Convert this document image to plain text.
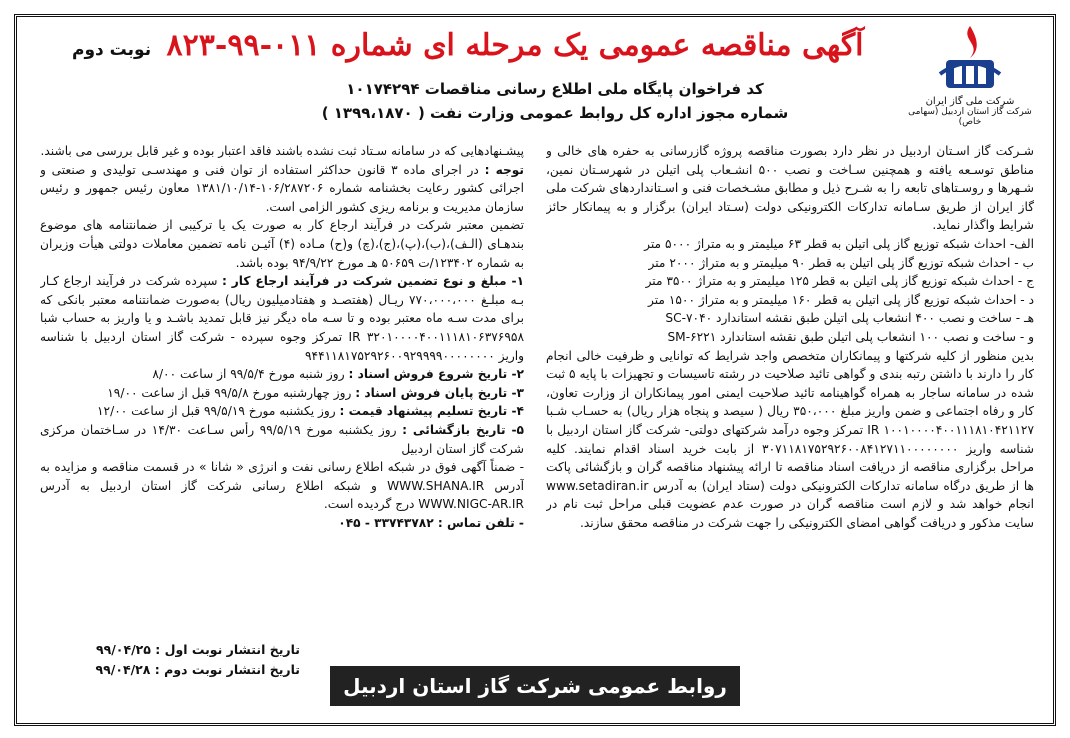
شرکت ملی گاز ایران
شرکت گاز استان اردبیل (سهامی خاص)
نوبت دوم آگهی مناقصه عمومی یک مرحله ای شماره ۰۱۱-۹۹-۸۲۳
کد فراخوان پایگاه ملی اطلاع رسانی مناقصات ۱۰۱۷۴۲۹۴
شماره مجوز اداره کل روابط عمومی وزارت نفت ( ۱۳۹۹،۱۸۷۰ )

شـرکت گاز اسـتان اردبیل در نظر دارد بصورت مناقصه پروژه گازرسانی به حفره های خالی و مناطق توسـعه یافته و همچنین سـاخت و نصب ۵۰۰ انشـعاب پلی اتیلن در شهرسـتان نمین، شـهرها و روسـتاهای تابعه را به شـرح ذیل و مطابق مشـخصات فنی و اسـتانداردهای شرکت ملی گاز ایران از طریق سـامانه تدارکات الکترونیکی دولت (سـتاد ایران) برگزار و به پیمانکار حائز شرایط واگذار نماید.

الف- احداث شبکه توزیع گاز پلی اتیلن به قطر ۶۳ میلیمتر و به متراژ ۵۰۰۰ متر

ب - احداث شبکه توزیع گاز پلی اتیلن به قطر ۹۰ میلیمتر و به متراژ ۲۰۰۰ متر

ج - احداث شبکه توزیع گاز پلی اتیلن به قطر ۱۲۵ میلیمتر و به متراژ ۳۵۰۰ متر

د - احداث شبکه توزیع گاز پلی اتیلن به قطر ۱۶۰ میلیمتر و به متراژ ۱۵۰۰ متر

هـ - ساخت و نصب ۴۰۰ انشعاب پلی اتیلن طبق نقشه استاندارد SC-۷۰۴۰

و - ساخت و نصب ۱۰۰ انشعاب پلی اتیلن طبق نقشه استاندارد SM-۶۲۲۱

بدین منظور از کلیه شرکتها و پیمانکاران متخصص واجد شرایط که توانایی و ظرفیت خالی انجام کار را دارند با داشتن رتبه بندی و گواهی تائید صلاحیت در رشته تاسیسات و تجهیزات با پایه ۵ ثبت شده در سامانه ساجار به همراه گواهینامه تائید صلاحیت ایمنی امور پیمانکاران از وزارت تعاون، کار و رفاه اجتماعی و ضمن واریز مبلغ ۳۵۰،۰۰۰ ریال ( سیصد و پنجاه هزار ریال) به حسـاب شـبا IR ۱۰۰۱۰۰۰۰۴۰۰۱۱۱۸۱۰۴۲۱۱۲۷ تمرکز وجوه درآمد شرکتهای دولتی- شرکت گاز استان اردبیل با شناسه واریز ۳۰۷۱۱۸۱۷۵۲۹۲۶۰۰۸۴۱۲۷۱۱۰۰۰۰۰۰۰۰ از بابت خرید اسناد اقدام نمایند. کلیه مراحل برگزاری مناقصه از دریافت اسناد مناقصه تا ارائه پیشنهاد مناقصه گران و بازگشائی پاکت ها از طریق درگاه سامانه تدارکات الکترونیکی دولت (ستاد ایران) به آدرس www.setadiran.ir انجام خواهد شد و لازم است مناقصه گران در صورت عدم عضویت قبلی مراحل ثبت نام در سایت مذکور و دریافت گواهی امضای الکترونیکی را جهت شرکت در مناقصه محقق سازند.

پیشـنهادهایی که در سامانه سـتاد ثبت نشده باشند فاقد اعتبار بوده و غیر قابل بررسی می باشند.

توجه : در اجرای ماده ۳ قانون حداکثر استفاده از توان فنی و مهندسـی تولیدی و صنعتی و اجرائی کشور رعایت بخشنامه شماره ۱۰۶/۲۸۷۲۰۶-۱۳۸۱/۱۰/۱۴ معاون رئیس جمهور و رئیس سازمان مدیریت و برنامه ریزی کشور الزامی است.

تضمین معتبر شرکت در فرآیند ارجاع کار به صورت یک یا ترکیبی از ضمانتنامه های موضوع بندهـای (الـف)،(ب)،(پ)،(ج)،(چ) و(ح) مـاده (۴) آئیـن نامه تضمین معاملات دولتی هیأت وزیران به شماره ۱۲۳۴۰۲/ت ۵۰۶۵۹ هـ مورخ ۹۴/۹/۲۲ بوده باشد.

۱- مبلغ و نوع تضمین شرکت در فرآیند ارجاع کار : سپرده شرکت در فرآیند ارجاع کـار بـه مبلـغ ۷۷۰،۰۰۰،۰۰۰ ریـال (هفتصـد و هفتادمیلیون ریال) به‌صورت ضمانتنامه معتبر بانکی که برای مدت سـه ماه معتبر بوده و تا سـه ماه دیگر نیز قابل تمدید باشـد و یا واریز به حساب شبا IR ۳۲۰۱۰۰۰۰۴۰۰۱۱۱۸۱۰۶۳۷۶۹۵۸ تمرکز وجوه سپرده - شرکت گاز استان اردبیل با شناسه واریز ۹۴۴۱۱۸۱۷۵۲۹۲۶۰۰۹۲۹۹۹۹۰۰۰۰۰۰۰۰

۲- تاریخ شروع فروش اسناد : روز شنبه مورخ ۹۹/۵/۴ از ساعت ۸/۰۰

۳- تاریخ پایان فروش اسناد : روز چهارشنبه مورخ ۹۹/۵/۸ قبل از ساعت ۱۹/۰۰

۴- تاریخ تسلیم پیشنهاد قیمت : روز یکشنبه مورخ ۹۹/۵/۱۹ قبل از ساعت ۱۲/۰۰

۵- تاریخ بازگشائی : روز یکشنبه مورخ ۹۹/۵/۱۹ رأس سـاعت ۱۴/۳۰ در سـاختمان مرکزی شرکت گاز استان اردبیل

- ضمناً آگهی فوق در شبکه اطلاع رسانی نفت و انرژی « شانا » در قسمت مناقصه و مزایده به آدرس WWW.SHANA.IR و شبکه اطلاع رسانی شرکت گاز استان اردبیل به آدرس WWW.NIGC-AR.IR درج گردیده است.

- تلفن تماس : ۳۳۷۴۳۷۸۲ - ۰۴۵

تاریخ انتشار نوبت اول : ۹۹/۰۴/۲۵
تاریخ انتشار نوبت دوم : ۹۹/۰۴/۲۸
روابط عمومی شرکت گاز استان اردبیل
